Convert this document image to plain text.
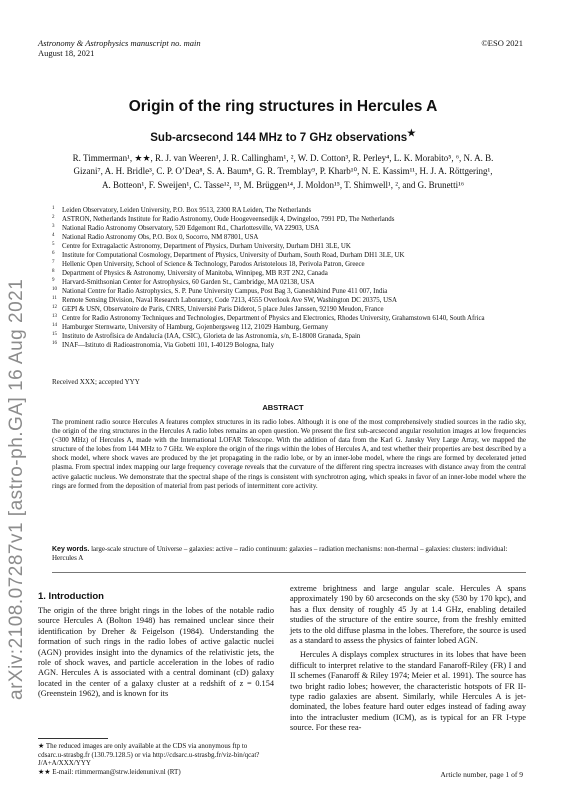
Astronomy & Astrophysics manuscript no. main
August 18, 2021
©ESO 2021
arXiv:2108.07287v1 [astro-ph.GA] 16 Aug 2021
Origin of the ring structures in Hercules A
Sub-arcsecond 144 MHz to 7 GHz observations★
R. Timmerman¹, ★★, R. J. van Weeren¹, J. R. Callingham¹, ², W. D. Cotton³, R. Perley⁴, L. K. Morabito⁵, ⁶, N. A. B.
Gizani⁷, A. H. Bridle³, C. P. O’Dea⁸, S. A. Baum⁸, G. R. Tremblay⁹, P. Kharb¹⁰, N. E. Kassim¹¹, H. J. A. Röttgering¹,
A. Botteon¹, F. Sweijen¹, C. Tasse¹², ¹³, M. Brüggen¹⁴, J. Moldon¹⁵, T. Shimwell¹, ², and G. Brunetti¹⁶
1 Leiden Observatory, Leiden University, P.O. Box 9513, 2300 RA Leiden, The Netherlands
2 ASTRON, Netherlands Institute for Radio Astronomy, Oude Hoogeveensedijk 4, Dwingeloo, 7991 PD, The Netherlands
3 National Radio Astronomy Observatory, 520 Edgemont Rd., Charlottesville, VA 22903, USA
4 National Radio Astronomy Obs, P.O. Box 0, Socorro, NM 87801, USA
5 Centre for Extragalactic Astronomy, Department of Physics, Durham University, Durham DH1 3LE, UK
6 Institute for Computational Cosmology, Department of Physics, University of Durham, South Road, Durham DH1 3LE, UK
7 Hellenic Open University, School of Science & Technology, Parodos Aristotelous 18, Perivola Patron, Greece
8 Department of Physics & Astronomy, University of Manitoba, Winnipeg, MB R3T 2N2, Canada
9 Harvard-Smithsonian Center for Astrophysics, 60 Garden St., Cambridge, MA 02138, USA
10 National Centre for Radio Astrophysics, S. P. Pune University Campus, Post Bag 3, Ganeshkhind Pune 411 007, India
11 Remote Sensing Division, Naval Research Laboratory, Code 7213, 4555 Overlook Ave SW, Washington DC 20375, USA
12 GEPI & USN, Observatoire de Paris, CNRS, Université Paris Diderot, 5 place Jules Janssen, 92190 Meudon, France
13 Centre for Radio Astronomy Techniques and Technologies, Department of Physics and Electronics, Rhodes University, Grahamstown 6140, South Africa
14 Hamburger Sternwarte, University of Hamburg, Gojenbergsweg 112, 21029 Hamburg, Germany
15 Instituto de Astrofísica de Andalucía (IAA, CSIC), Glorieta de las Astronomía, s/n, E-18008 Granada, Spain
16 INAF—Istituto di Radioastronomia, Via Gobetti 101, I-40129 Bologna, Italy
Received XXX; accepted YYY
ABSTRACT
The prominent radio source Hercules A features complex structures in its radio lobes. Although it is one of the most comprehensively studied sources in the radio sky, the origin of the ring structures in the Hercules A radio lobes remains an open question. We present the first sub-arcsecond angular resolution images at low frequencies (<300 MHz) of Hercules A, made with the International LOFAR Telescope. With the addition of data from the Karl G. Jansky Very Large Array, we mapped the structure of the lobes from 144 MHz to 7 GHz. We explore the origin of the rings within the lobes of Hercules A, and test whether their properties are best described by a shock model, where shock waves are produced by the jet propagating in the radio lobe, or by an inner-lobe model, where the rings are formed by decelerated jetted plasma. From spectral index mapping our large frequency coverage reveals that the curvature of the different ring spectra increases with distance away from the central active galactic nucleus. We demonstrate that the spectral shape of the rings is consistent with synchrotron aging, which speaks in favor of an inner-lobe model where the rings are formed from the deposition of material from past periods of intermittent core activity.
Key words. large-scale structure of Universe – galaxies: active – radio continuum: galaxies – radiation mechanisms: non-thermal – galaxies: clusters: individual: Hercules A
1. Introduction
The origin of the three bright rings in the lobes of the notable radio source Hercules A (Bolton 1948) has remained unclear since their identification by Dreher & Feigelson (1984). Understanding the formation of such rings in the radio lobes of active galactic nuclei (AGN) provides insight into the dynamics of the relativistic jets, the role of shock waves, and particle acceleration in the lobes of radio AGN. Hercules A is associated with a central dominant (cD) galaxy located in the center of a galaxy cluster at a redshift of z = 0.154 (Greenstein 1962), and is known for its

extreme brightness and large angular scale. Hercules A spans approximately 190 by 60 arcseconds on the sky (530 by 170 kpc), and has a flux density of roughly 45 Jy at 1.4 GHz, enabling detailed studies of the structure of the entire source, from the freshly emitted jets to the old diffuse plasma in the lobes. Therefore, the source is used as a standard to assess the physics of fainter lobed AGN.

Hercules A displays complex structures in its lobes that have been difficult to interpret relative to the standard Fanaroff-Riley (FR) I and II schemes (Fanaroff & Riley 1974; Meier et al. 1991). The source has two bright radio lobes; however, the characteristic hotspots of FR II-type radio galaxies are absent. Similarly, while Hercules A is jet-dominated, the lobes feature hard outer edges instead of fading away into the intracluster medium (ICM), as is typical for an FR I-type source. For these rea-

★ The reduced images are only available at the CDS via anonymous ftp to cdsarc.u-strasbg.fr (130.79.128.5) or via http://cdsarc.u-strasbg.fr/viz-bin/qcat?J/A+A/XXX/YYY
★★ E-mail: rtimmerman@strw.leidenuniv.nl (RT)	Article number, page 1 of 9
